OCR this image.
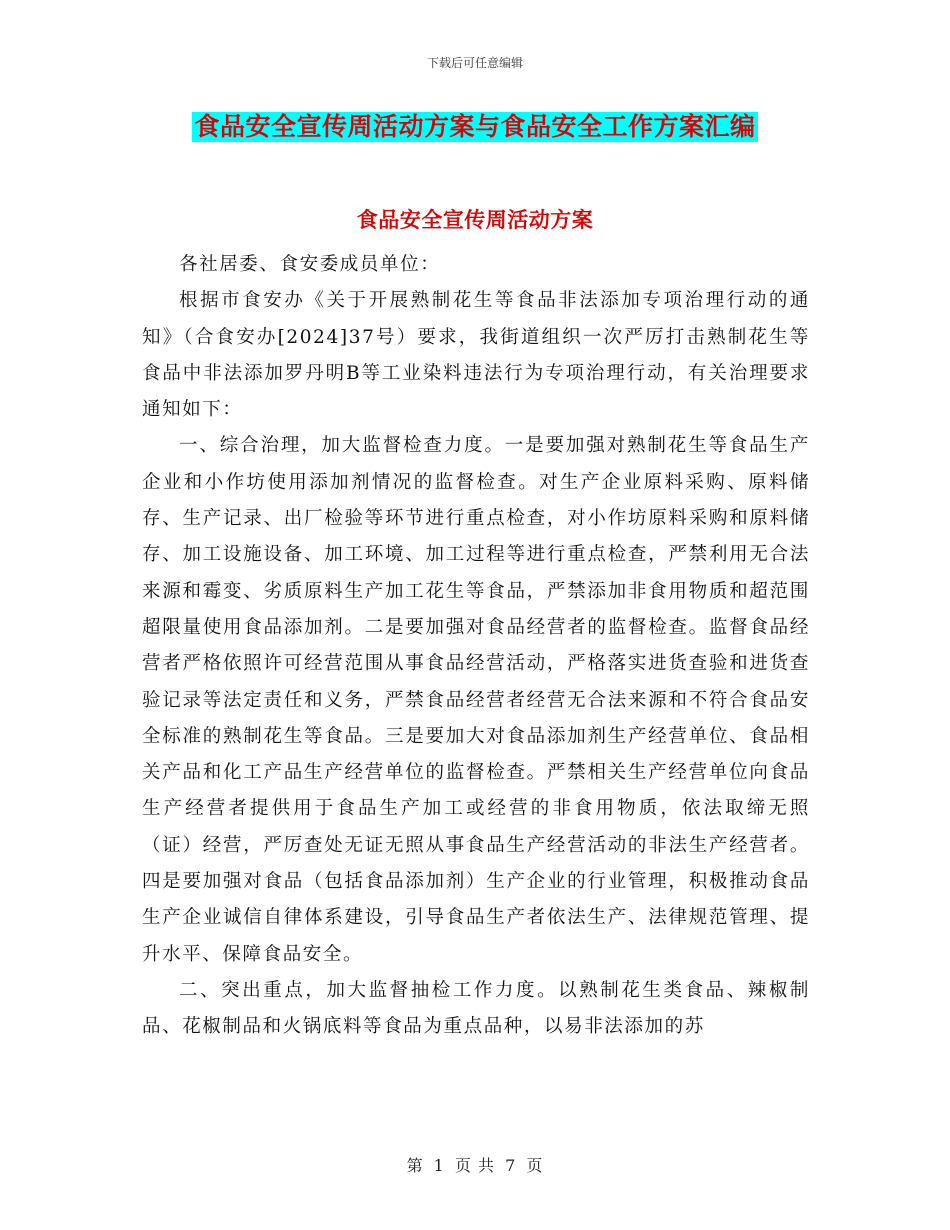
下载后可任意编辑
食品安全宣传周活动方案与食品安全工作方案汇编
食品安全宣传周活动方案

各社居委、食安委成员单位：

根据市食安办《关于开展熟制花生等食品非法添加专项治理行动的通知》（合食安办[2024]37号）要求，我街道组织一次严厉打击熟制花生等食品中非法添加罗丹明B等工业染料违法行为专项治理行动，有关治理要求通知如下：

一、综合治理，加大监督检查力度。一是要加强对熟制花生等食品生产企业和小作坊使用添加剂情况的监督检查。对生产企业原料采购、原料储存、生产记录、出厂检验等环节进行重点检查，对小作坊原料采购和原料储存、加工设施设备、加工环境、加工过程等进行重点检查，严禁利用无合法来源和霉变、劣质原料生产加工花生等食品，严禁添加非食用物质和超范围超限量使用食品添加剂。二是要加强对食品经营者的监督检查。监督食品经营者严格依照许可经营范围从事食品经营活动，严格落实进货查验和进货查验记录等法定责任和义务，严禁食品经营者经营无合法来源和不符合食品安全标准的熟制花生等食品。三是要加大对食品添加剂生产经营单位、食品相关产品和化工产品生产经营单位的监督检查。严禁相关生产经营单位向食品生产经营者提供用于食品生产加工或经营的非食用物质，依法取缔无照（证）经营，严厉查处无证无照从事食品生产经营活动的非法生产经营者。四是要加强对食品（包括食品添加剂）生产企业的行业管理，积极推动食品生产企业诚信自律体系建设，引导食品生产者依法生产、法律规范管理、提升水平、保障食品安全。

二、突出重点，加大监督抽检工作力度。以熟制花生类食品、辣椒制品、花椒制品和火锅底料等食品为重点品种，以易非法添加的苏

第 1 页 共 7 页
